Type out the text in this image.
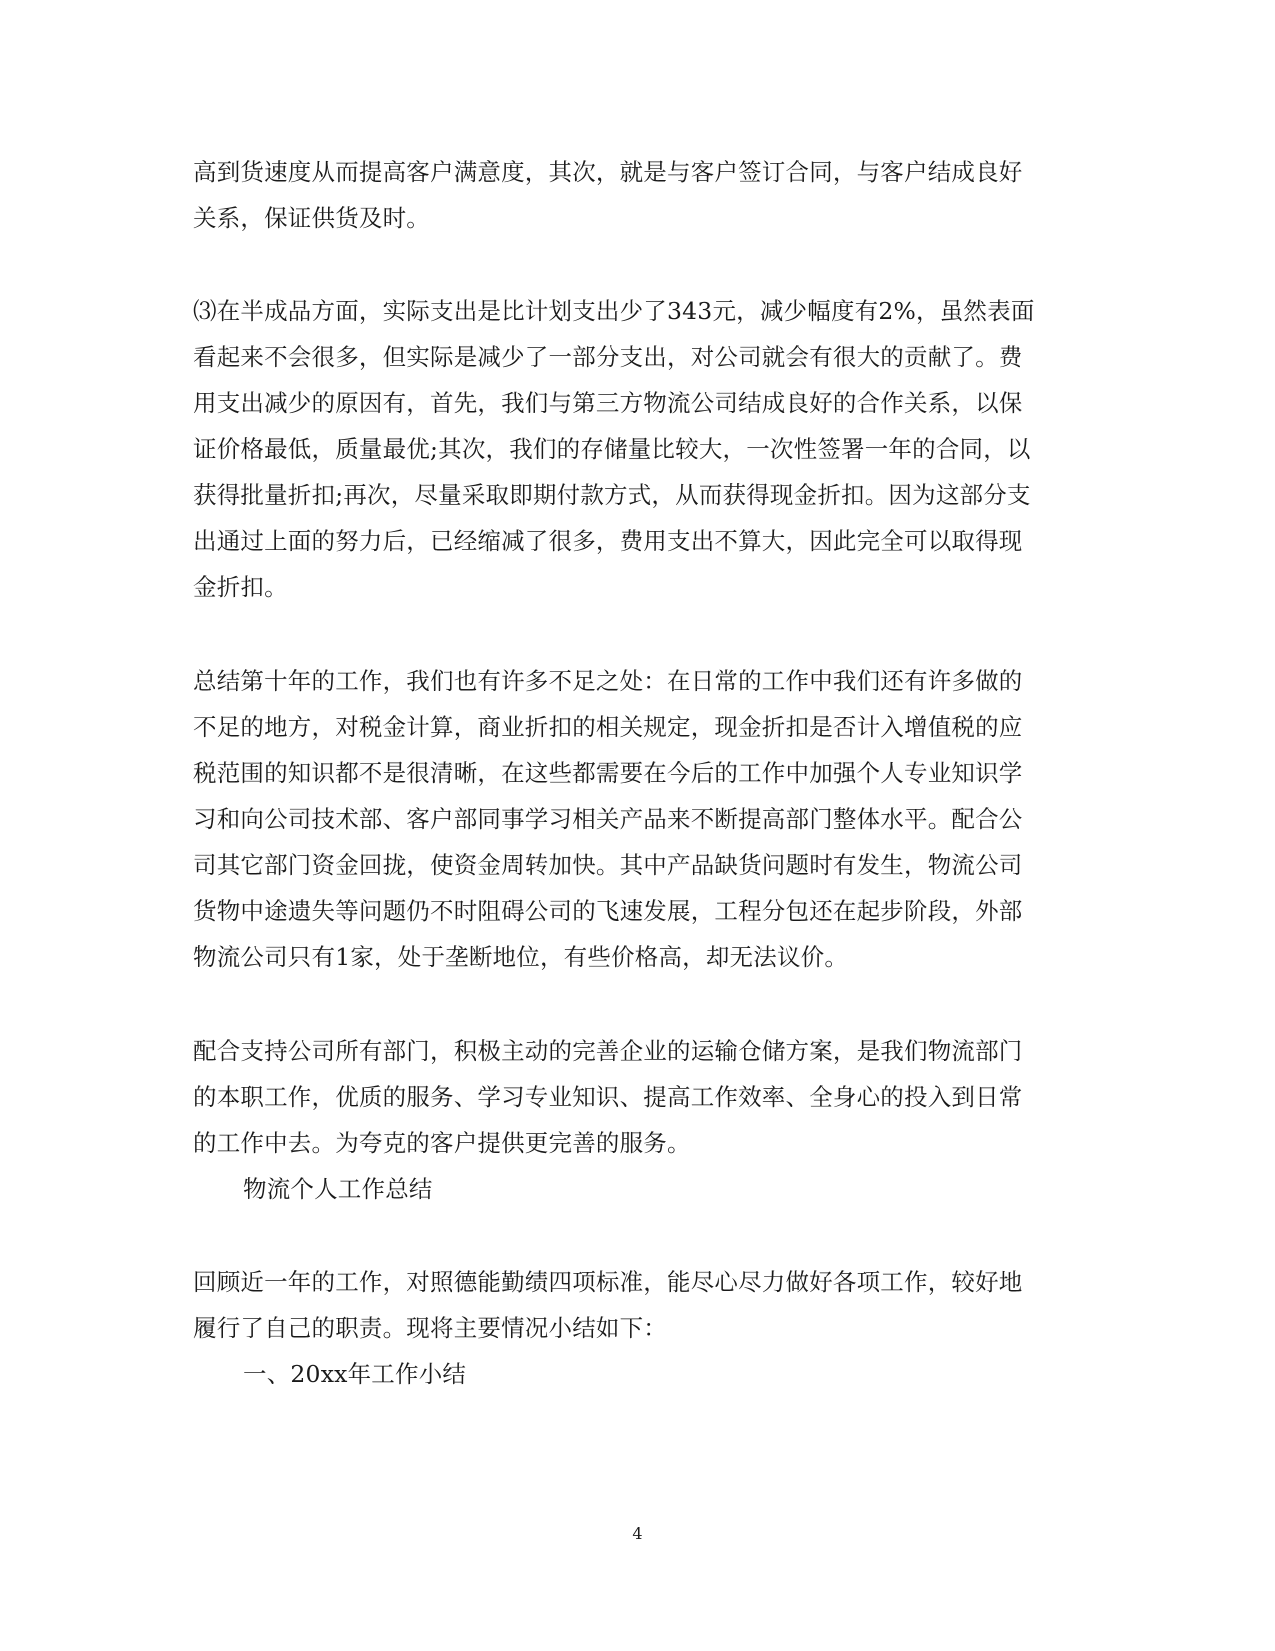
高到货速度从而提高客户满意度，其次，就是与客户签订合同，与客户结成良好
关系，保证供货及时。
⑶在半成品方面，实际支出是比计划支出少了343元，减少幅度有2%，虽然表面
看起来不会很多，但实际是减少了一部分支出，对公司就会有很大的贡献了。费
用支出减少的原因有，首先，我们与第三方物流公司结成良好的合作关系，以保
证价格最低，质量最优;其次，我们的存储量比较大，一次性签署一年的合同，以
获得批量折扣;再次，尽量采取即期付款方式，从而获得现金折扣。因为这部分支
出通过上面的努力后，已经缩减了很多，费用支出不算大，因此完全可以取得现
金折扣。
总结第十年的工作，我们也有许多不足之处：在日常的工作中我们还有许多做的
不足的地方，对税金计算，商业折扣的相关规定，现金折扣是否计入增值税的应
税范围的知识都不是很清晰，在这些都需要在今后的工作中加强个人专业知识学
习和向公司技术部、客户部同事学习相关产品来不断提高部门整体水平。配合公
司其它部门资金回拢，使资金周转加快。其中产品缺货问题时有发生，物流公司
货物中途遗失等问题仍不时阻碍公司的飞速发展，工程分包还在起步阶段，外部
物流公司只有1家，处于垄断地位，有些价格高，却无法议价。
配合支持公司所有部门，积极主动的完善企业的运输仓储方案，是我们物流部门
的本职工作，优质的服务、学习专业知识、提高工作效率、全身心的投入到日常
的工作中去。为夸克的客户提供更完善的服务。
物流个人工作总结
回顾近一年的工作，对照德能勤绩四项标准，能尽心尽力做好各项工作，较好地
履行了自己的职责。现将主要情况小结如下：
一、20xx年工作小结
4
